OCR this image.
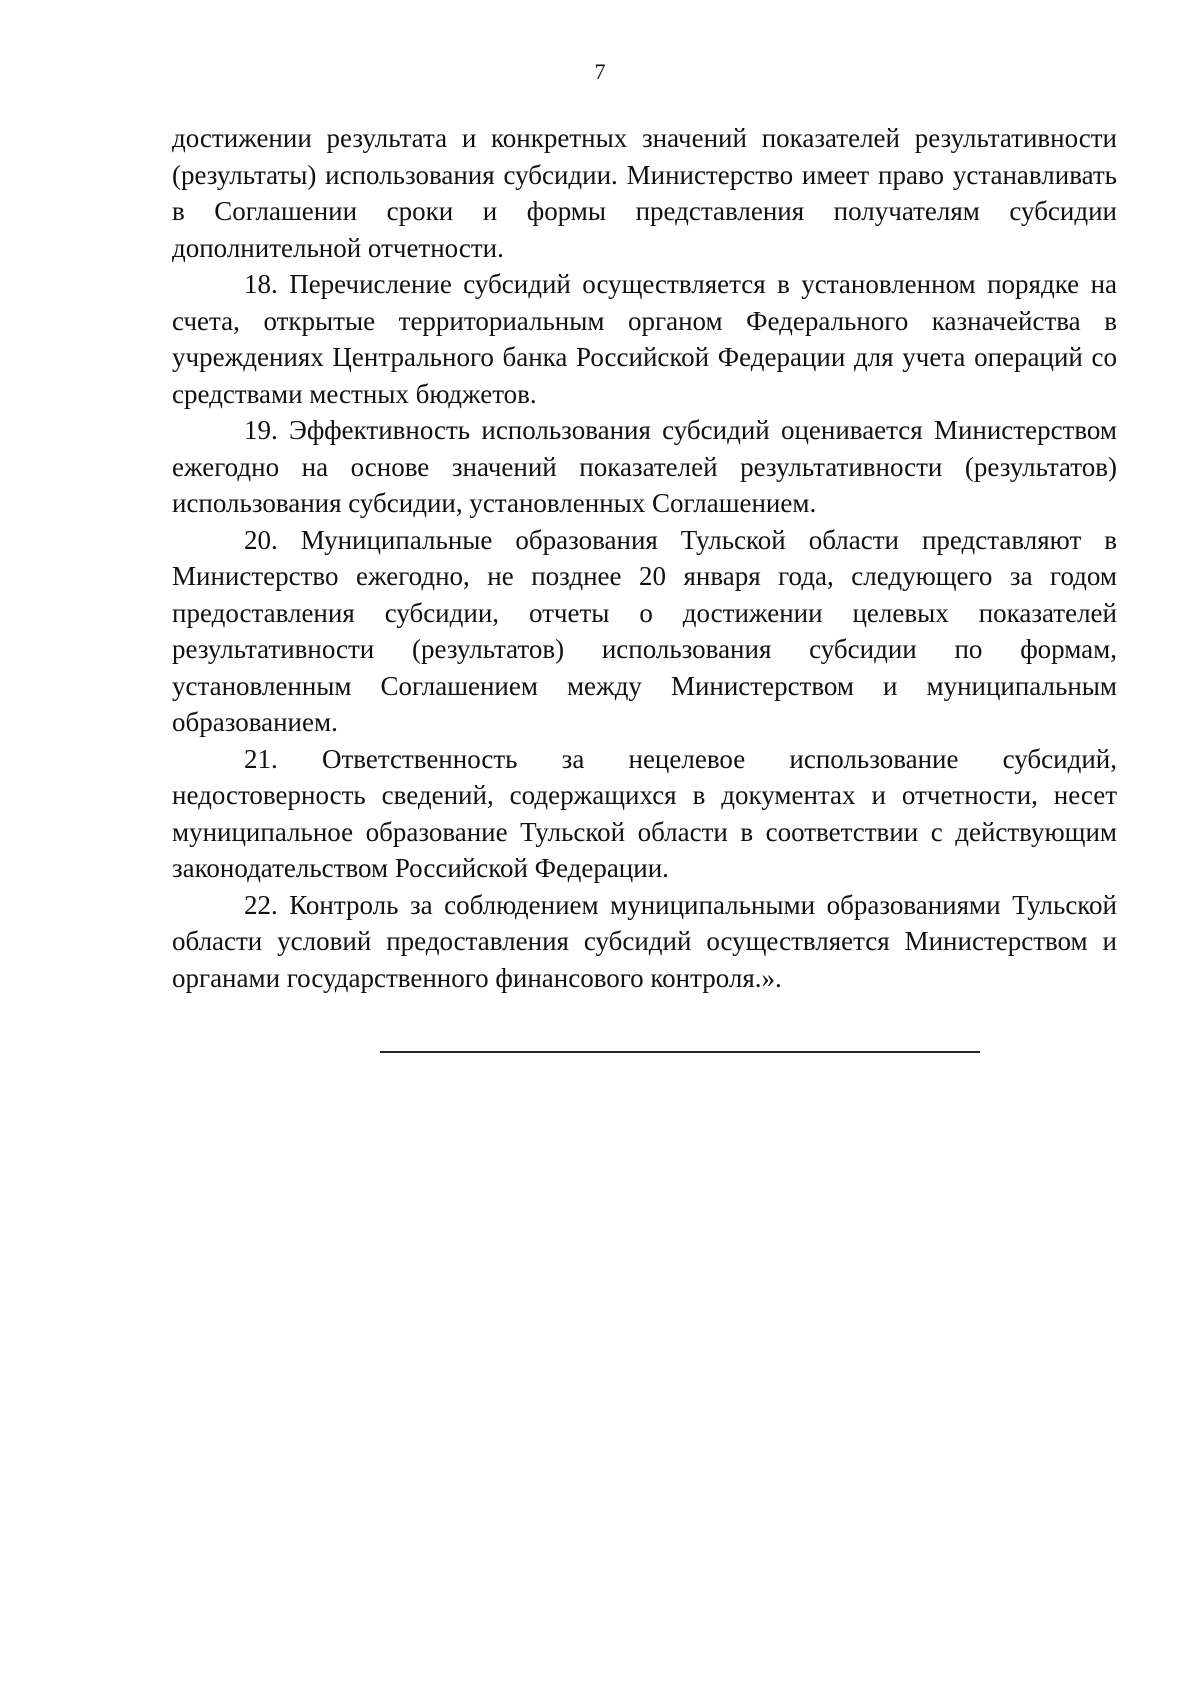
7

достижении результата и конкретных значений показателей результативности (результаты) использования субсидии. Министерство имеет право устанавливать в Соглашении сроки и формы представления получателям субсидии дополнительной отчетности.

18. Перечисление субсидий осуществляется в установленном порядке на счета, открытые территориальным органом Федерального казначейства в учреждениях Центрального банка Российской Федерации для учета операций со средствами местных бюджетов.

19. Эффективность использования субсидий оценивается Министерством ежегодно на основе значений показателей результативности (результатов) использования субсидии, установленных Соглашением.

20. Муниципальные образования Тульской области представляют в Министерство ежегодно, не позднее 20 января года, следующего за годом предоставления субсидии, отчеты о достижении целевых показателей результативности (результатов) использования субсидии по формам, установленным Соглашением между Министерством и муниципальным образованием.

21. Ответственность за нецелевое использование субсидий, недостоверность сведений, содержащихся в документах и отчетности, несет муниципальное образование Тульской области в соответствии с действующим законодательством Российской Федерации.

22. Контроль за соблюдением муниципальными образованиями Тульской области условий предоставления субсидий осуществляется Министерством и органами государственного финансового контроля.».
